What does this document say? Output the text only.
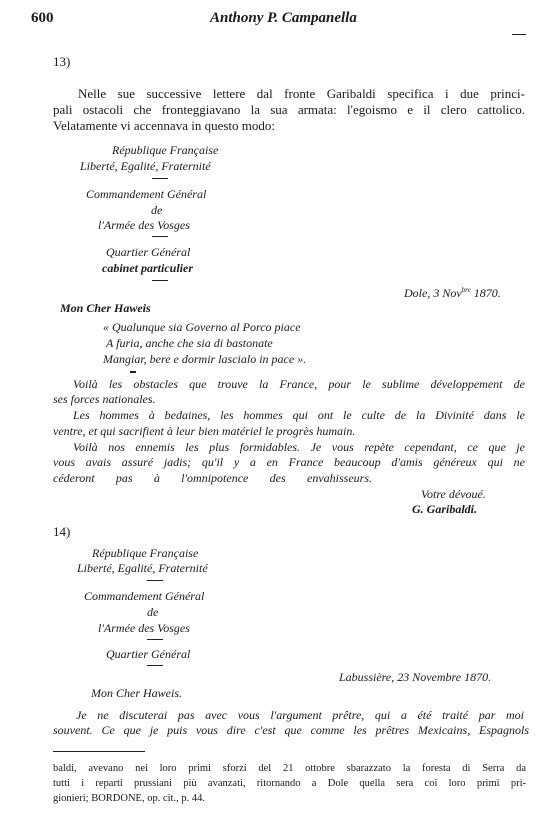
600	Anthony P. Campanella
13)
Nelle sue successive lettere dal fronte Garibaldi specifica i due princi-
pali ostacoli che fronteggiavano la sua armata: l'egoismo e il clero cattolico.
Velatamente vi accennava in questo modo:
République Française
Liberté, Egalité, Fraternité
Commandement Général
de
l'Armée des Vosges
Quartier Général
cabinet particulier
Dole, 3 Nov$^{bre}$ 1870.
Mon Cher Haweis
« Qualunque sia Governo al Porco piace
A furia, anche che sia di bastonate
Mangiar, bere e dormir lascialo in pace ».
Voilà les obstacles que trouve la France, pour le sublime développement de
ses forces nationales.
Les hommes à bedaines, les hommes qui ont le culte de la Divinité dans le
ventre, et qui sacrifient à leur bien matériel le progrès humain.
Voilà nos ennemis les plus formidables. Je vous repète cependant, ce que je
vous avais assuré jadis; qu'il y a en France beaucoup d'amis généreux qui ne
céderont pas à l'omnipotence des envahisseurs.
Votre dévoué.
G. Garibaldi.
14)
République Française
Liberté, Egalité, Fraternité
Commandement Général
de
l'Armée des Vosges
Quartier Général
Labussière, 23 Novembre 1870.
Mon Cher Haweis.
Je ne discuterai pas avec vous l'argument prêtre, qui a été traité par moi
souvent. Ce que je puis vous dire c'est que comme les prêtres Mexicains, Espagnols
baldi, avevano nei loro primi sforzi del 21 ottobre sbarazzato la foresta di Serra da
tutti i reparti prussiani più avanzati, ritornando a Dole quella sera coi loro primi pri-
gionieri; BORDONE, op. cit., p. 44.
